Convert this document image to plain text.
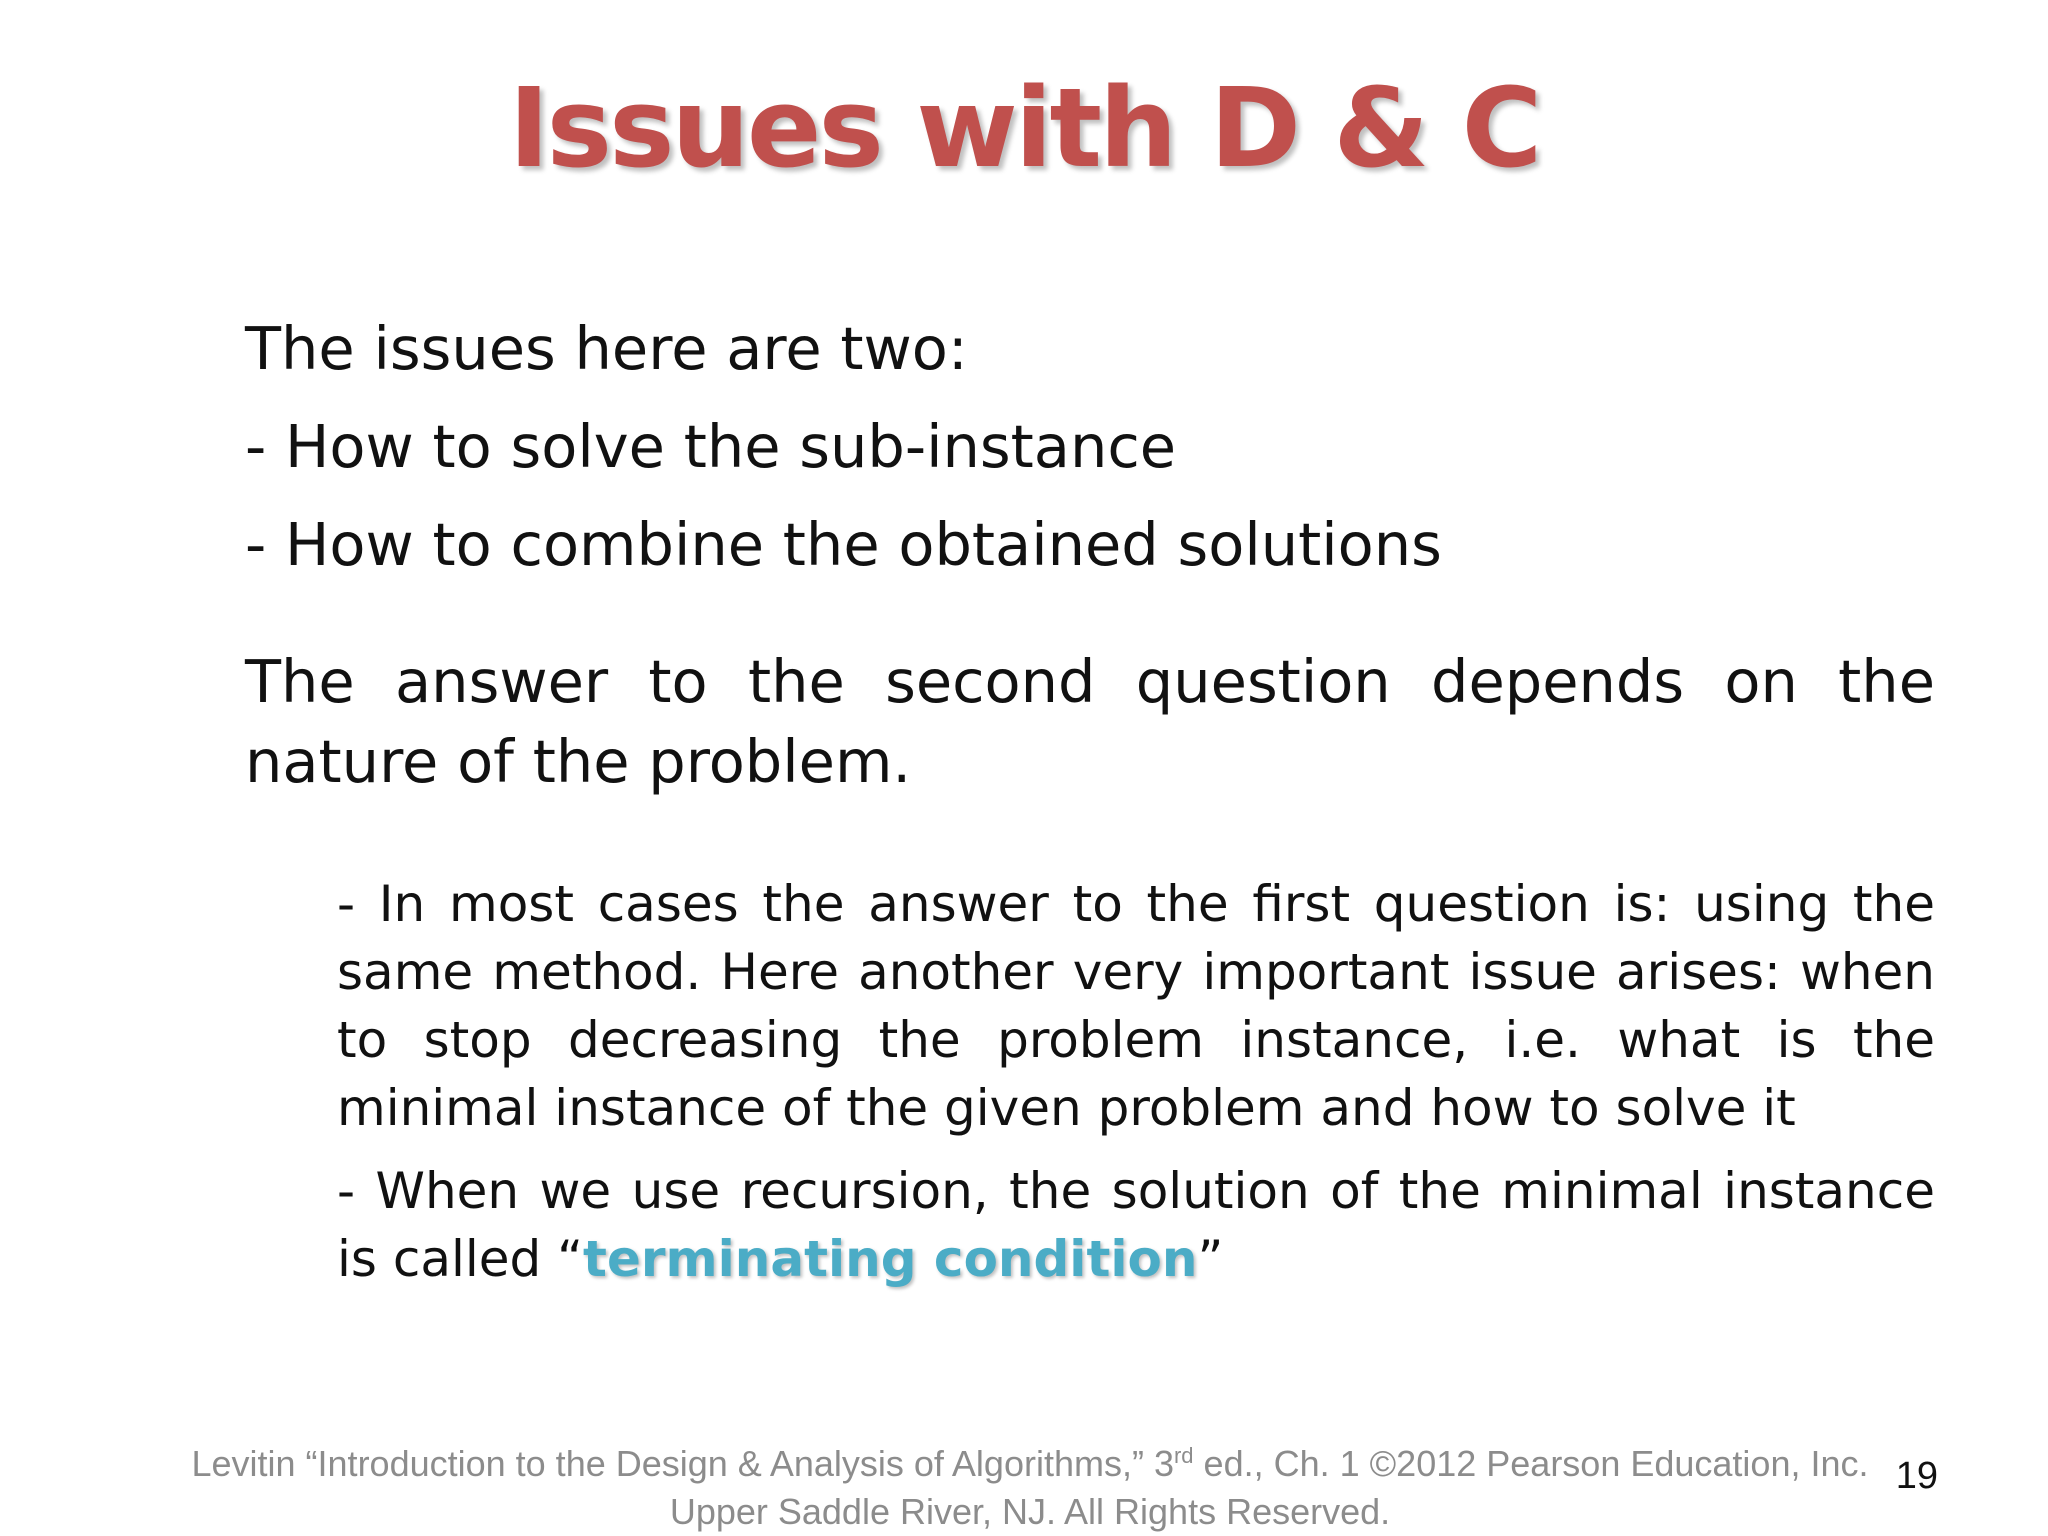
Issues with D & C
The issues here are two:
- How to solve the sub-instance
- How to combine the obtained solutions
The answer to the second question depends on the nature of the problem.
- In most cases the answer to the first question is: using the same method. Here another very important issue arises: when to stop decreasing the problem instance, i.e. what is the minimal instance of the given problem and how to solve it
- When we use recursion, the solution of the minimal instance is called “terminating condition”
Levitin “Introduction to the Design & Analysis of Algorithms,” 3rd ed., Ch. 1 ©2012 Pearson Education, Inc. Upper Saddle River, NJ. All Rights Reserved.
19
